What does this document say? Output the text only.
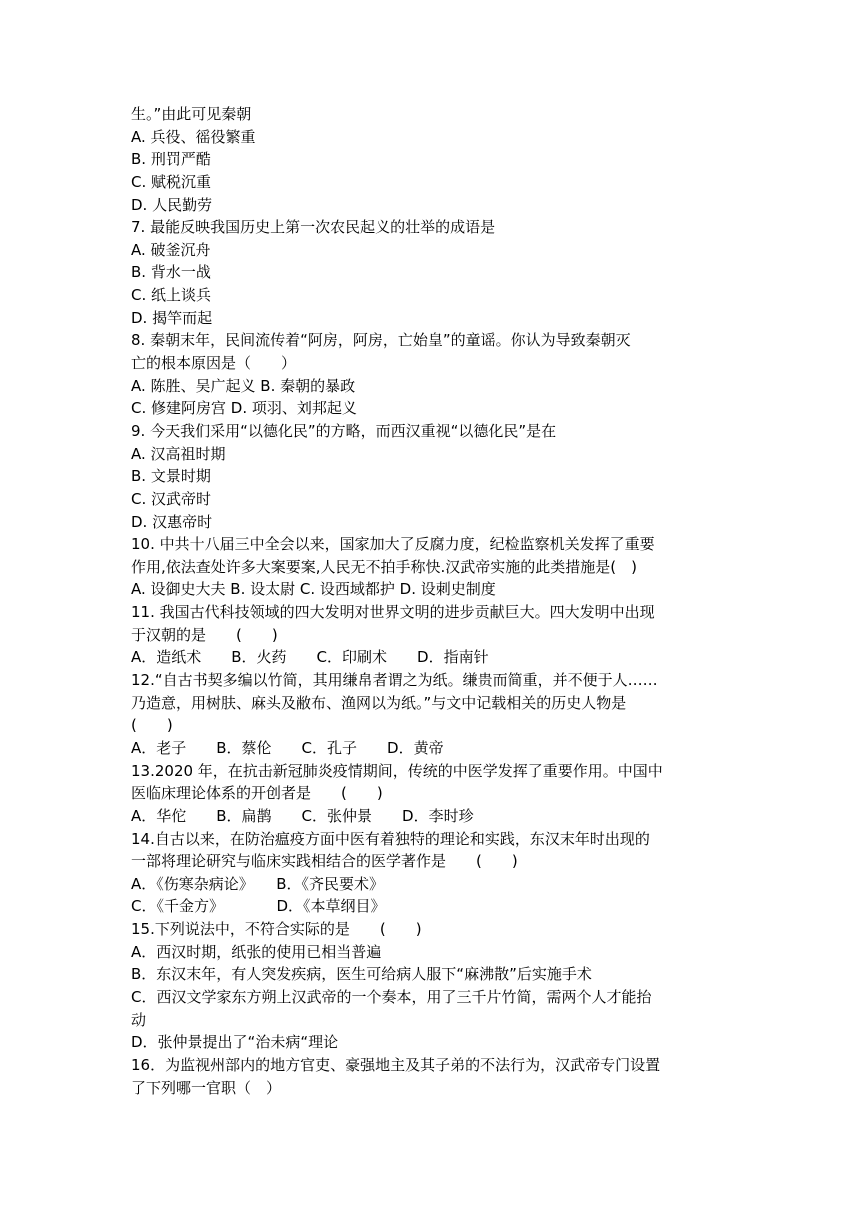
生。”由此可见秦朝
A. 兵役、徭役繁重
B. 刑罚严酷
C. 赋税沉重
D. 人民勤劳
7. 最能反映我国历史上第一次农民起义的壮举的成语是
A. 破釜沉舟
B. 背水一战
C. 纸上谈兵
D. 揭竿而起
8. 秦朝末年，民间流传着“阿房，阿房，亡始皇”的童谣。你认为导致秦朝灭
亡的根本原因是（　　）
A. 陈胜、吴广起义 B. 秦朝的暴政
C. 修建阿房宫 D. 项羽、刘邦起义
9. 今天我们采用“以德化民”的方略，而西汉重视“以德化民”是在
A. 汉高祖时期
B. 文景时期
C. 汉武帝时
D. 汉惠帝时
10. 中共十八届三中全会以来，国家加大了反腐力度，纪检监察机关发挥了重要
作用,依法查处许多大案要案,人民无不拍手称快.汉武帝实施的此类措施是(　)
A. 设御史大夫 B. 设太尉 C. 设西域都护 D. 设刺史制度
11. 我国古代科技领域的四大发明对世界文明的进步贡献巨大。四大发明中出现
于汉朝的是　　(　　)
A．造纸术　　B．火药　　C．印刷术　　D．指南针
12.“自古书契多编以竹简，其用缣帛者谓之为纸。缣贵而简重，并不便于人……
乃造意，用树肤、麻头及敝布、渔网以为纸。”与文中记载相关的历史人物是
(　　)
A．老子　　B．蔡伦　　C．孔子　　D．黄帝
13.2020 年，在抗击新冠肺炎疫情期间，传统的中医学发挥了重要作用。中国中
医临床理论体系的开创者是　　(　　)
A．华佗　　B．扁鹊　　C．张仲景　　D．李时珍
14.自古以来，在防治瘟疫方面中医有着独特的理论和实践，东汉末年时出现的
一部将理论研究与临床实践相结合的医学著作是　　(　　)
A．《伤寒杂病论》　　B．《齐民要术》
C．《千金方》　　　　D．《本草纲目》
15.下列说法中，不符合实际的是　　(　　)
A．西汉时期，纸张的使用已相当普遍
B．东汉末年，有人突发疾病，医生可给病人服下“麻沸散”后实施手术
C．西汉文学家东方朔上汉武帝的一个奏本，用了三千片竹简，需两个人才能抬
动
D．张仲景提出了“治未病“理论
16．为监视州部内的地方官吏、豪强地主及其子弟的不法行为，汉武帝专门设置
了下列哪一官职（　）
